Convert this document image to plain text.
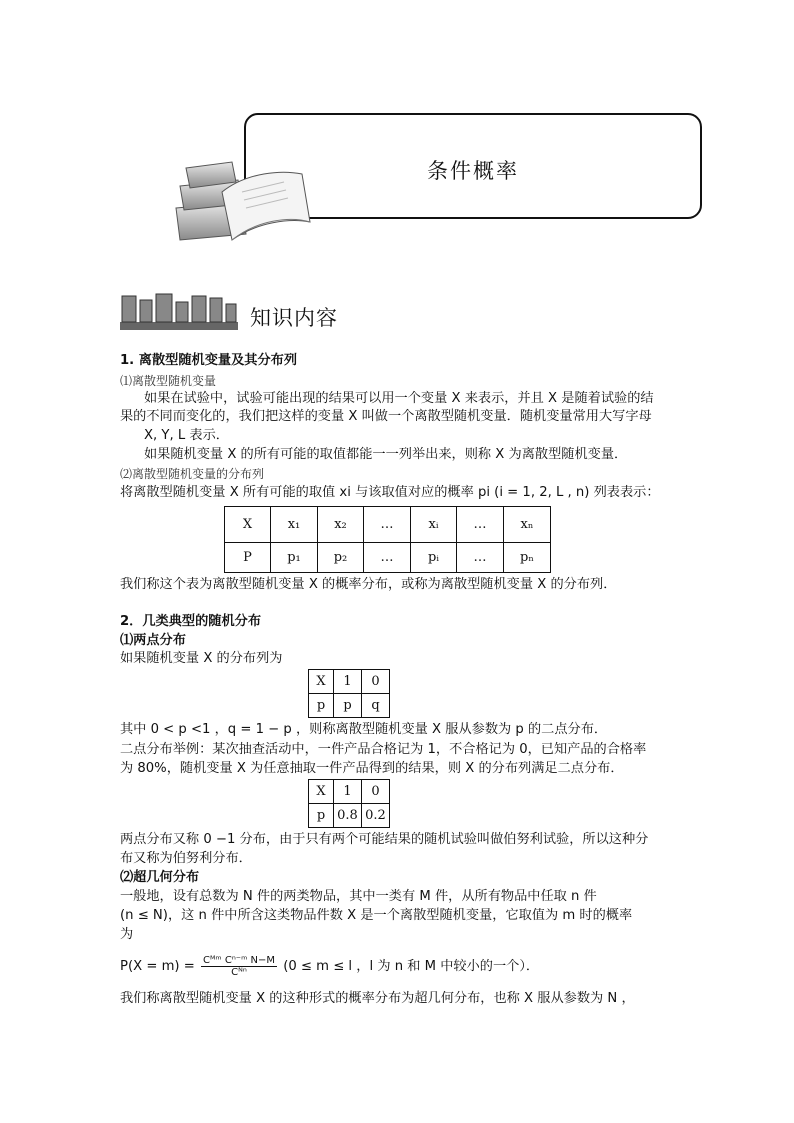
条件概率
知识内容
1. 离散型随机变量及其分布列
⑴离散型随机变量
如果在试验中，试验可能出现的结果可以用一个变量 X 来表示，并且 X 是随着试验的结
果的不同而变化的，我们把这样的变量 X 叫做一个离散型随机变量．随机变量常用大写字母
X, Y, L 表示．
如果随机变量 X 的所有可能的取值都能一一列举出来，则称 X 为离散型随机变量．
⑵离散型随机变量的分布列
将离散型随机变量 X 所有可能的取值 xi 与该取值对应的概率 pi (i = 1, 2, L , n) 列表表示：
X	x₁	x₂	…	xᵢ	…	xₙ
P	p₁	p₂	…	pᵢ	…	pₙ
我们称这个表为离散型随机变量 X 的概率分布，或称为离散型随机变量 X 的分布列．
2．几类典型的随机分布
⑴两点分布
如果随机变量 X 的分布列为
X	1	0
p	p	q
其中 0 < p <1 ，q = 1 − p ，则称离散型随机变量 X 服从参数为 p 的二点分布．
二点分布举例：某次抽查活动中，一件产品合格记为 1，不合格记为 0，已知产品的合格率
为 80%，随机变量 X 为任意抽取一件产品得到的结果，则 X 的分布列满足二点分布．
X	1	0
p	0.8	0.2
两点分布又称 0 −1 分布，由于只有两个可能结果的随机试验叫做伯努利试验，所以这种分
布又称为伯努利分布．
⑵超几何分布
一般地，设有总数为 N 件的两类物品，其中一类有 M 件，从所有物品中任取 n 件
(n ≤ N)，这 n 件中所含这类物品件数 X 是一个离散型随机变量，它取值为 m 时的概率
为
$P(X = m) = \frac{\text{Cᴹᵐ Cⁿ⁻ᵐ N−M}}{\text{Cᴺⁿ}} (0 \le m \le l$ ，l 为 n 和 M 中较小的一个）．
我们称离散型随机变量 X 的这种形式的概率分布为超几何分布，也称 X 服从参数为 N ，
